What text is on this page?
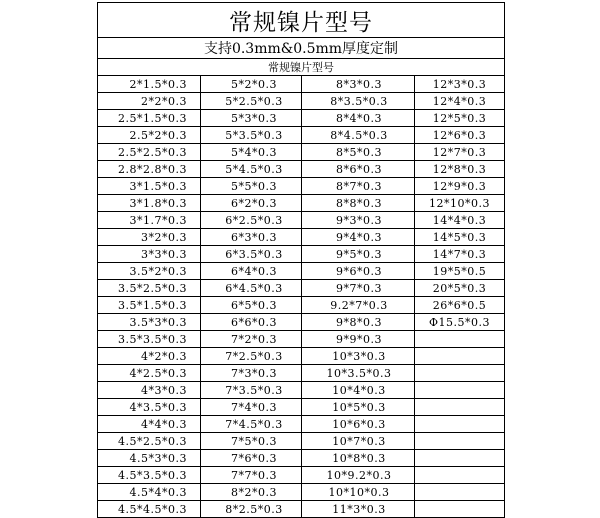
常规镍片型号			
支持0.3mm&0.5mm厚度定制			
常规镍片型号			
2*1.5*0.3	5*2*0.3	8*3*0.3	12*3*0.3
2*2*0.3	5*2.5*0.3	8*3.5*0.3	12*4*0.3
2.5*1.5*0.3	5*3*0.3	8*4*0.3	12*5*0.3
2.5*2*0.3	5*3.5*0.3	8*4.5*0.3	12*6*0.3
2.5*2.5*0.3	5*4*0.3	8*5*0.3	12*7*0.3
2.8*2.8*0.3	5*4.5*0.3	8*6*0.3	12*8*0.3
3*1.5*0.3	5*5*0.3	8*7*0.3	12*9*0.3
3*1.8*0.3	6*2*0.3	8*8*0.3	12*10*0.3
3*1.7*0.3	6*2.5*0.3	9*3*0.3	14*4*0.3
3*2*0.3	6*3*0.3	9*4*0.3	14*5*0.3
3*3*0.3	6*3.5*0.3	9*5*0.3	14*7*0.3
3.5*2*0.3	6*4*0.3	9*6*0.3	19*5*0.5
3.5*2.5*0.3	6*4.5*0.3	9*7*0.3	20*5*0.3
3.5*1.5*0.3	6*5*0.3	9.2*7*0.3	26*6*0.5
3.5*3*0.3	6*6*0.3	9*8*0.3	Φ15.5*0.3
3.5*3.5*0.3	7*2*0.3	9*9*0.3	
4*2*0.3	7*2.5*0.3	10*3*0.3	
4*2.5*0.3	7*3*0.3	10*3.5*0.3	
4*3*0.3	7*3.5*0.3	10*4*0.3	
4*3.5*0.3	7*4*0.3	10*5*0.3	
4*4*0.3	7*4.5*0.3	10*6*0.3	
4.5*2.5*0.3	7*5*0.3	10*7*0.3	
4.5*3*0.3	7*6*0.3	10*8*0.3	
4.5*3.5*0.3	7*7*0.3	10*9.2*0.3	
4.5*4*0.3	8*2*0.3	10*10*0.3	
4.5*4.5*0.3	8*2.5*0.3	11*3*0.3	
